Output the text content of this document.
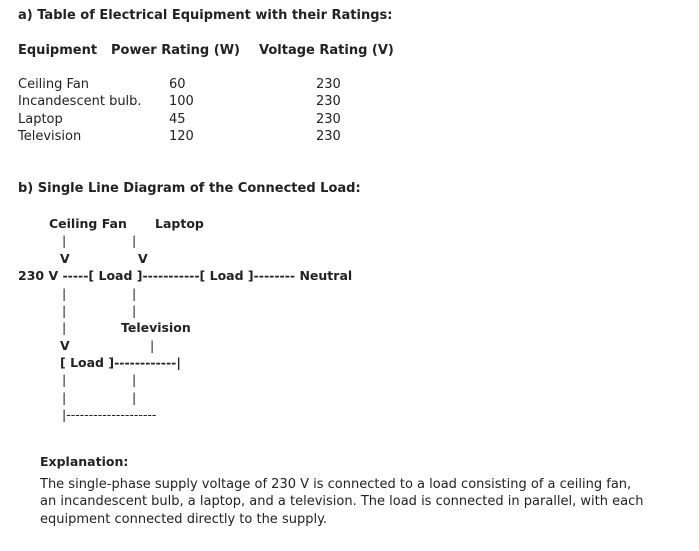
a) Table of Electrical Equipment with their Ratings:
Equipment Power Rating (W) Voltage Rating (V)
Ceiling Fan	60	230
Incandescent bulb. 100	230
Laptop	45	230
Television	120	230
b) Single Line Diagram of the Connected Load:
Ceiling Fan Laptop
|	|
V	V
230 V -----[ Load ]-----------[ Load ]-------- Neutral
|	|
|	|
|	Television
V	|
[ Load ]------------|
|	|
|	|
|--------------------
Explanation:
The single-phase supply voltage of 230 V is connected to a load consisting of a ceiling fan, an incandescent bulb, a laptop, and a television. The load is connected in parallel, with each equipment connected directly to the supply.
